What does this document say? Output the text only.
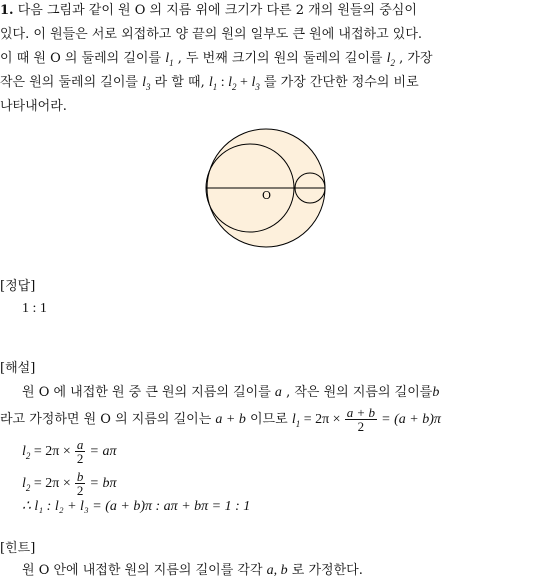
1. 다음 그림과 같이 원 O 의 지름 위에 크기가 다른 2 개의 원들의 중심이
있다. 이 원들은 서로 외접하고 양 끝의 원의 일부도 큰 원에 내접하고 있다.
이 때 원 O 의 둘레의 길이를 $l_1$ , 두 번째 크기의 원의 둘레의 길이를 $l_2$ , 가장
작은 원의 둘레의 길이를 $l_3$ 라 할 때, $l_1$ : $l_2 + l_3$ 를 가장 간단한 정수의 비로
나타내어라.
O
[정답]
1 : 1
[해설]
원 O 에 내접한 원 중 큰 원의 지름의 길이를 a , 작은 원의 지름의 길이를b
라고 가정하면 원 O 의 지름의 길이는 a + b 이므로 $l_1 = 2\pi \times \frac{a + b}{2} = (a + b)\pi$
$l_2 = 2\pi \times \frac{a}{2} = a\pi$
$l_2 = 2\pi \times \frac{b}{2} = b\pi$
∴ l₁ : l₂ + l₃ = (a + b)π : aπ + bπ = 1 : 1
[힌트]
원 O 안에 내접한 원의 지름의 길이를 각각 a, b 로 가정한다.
